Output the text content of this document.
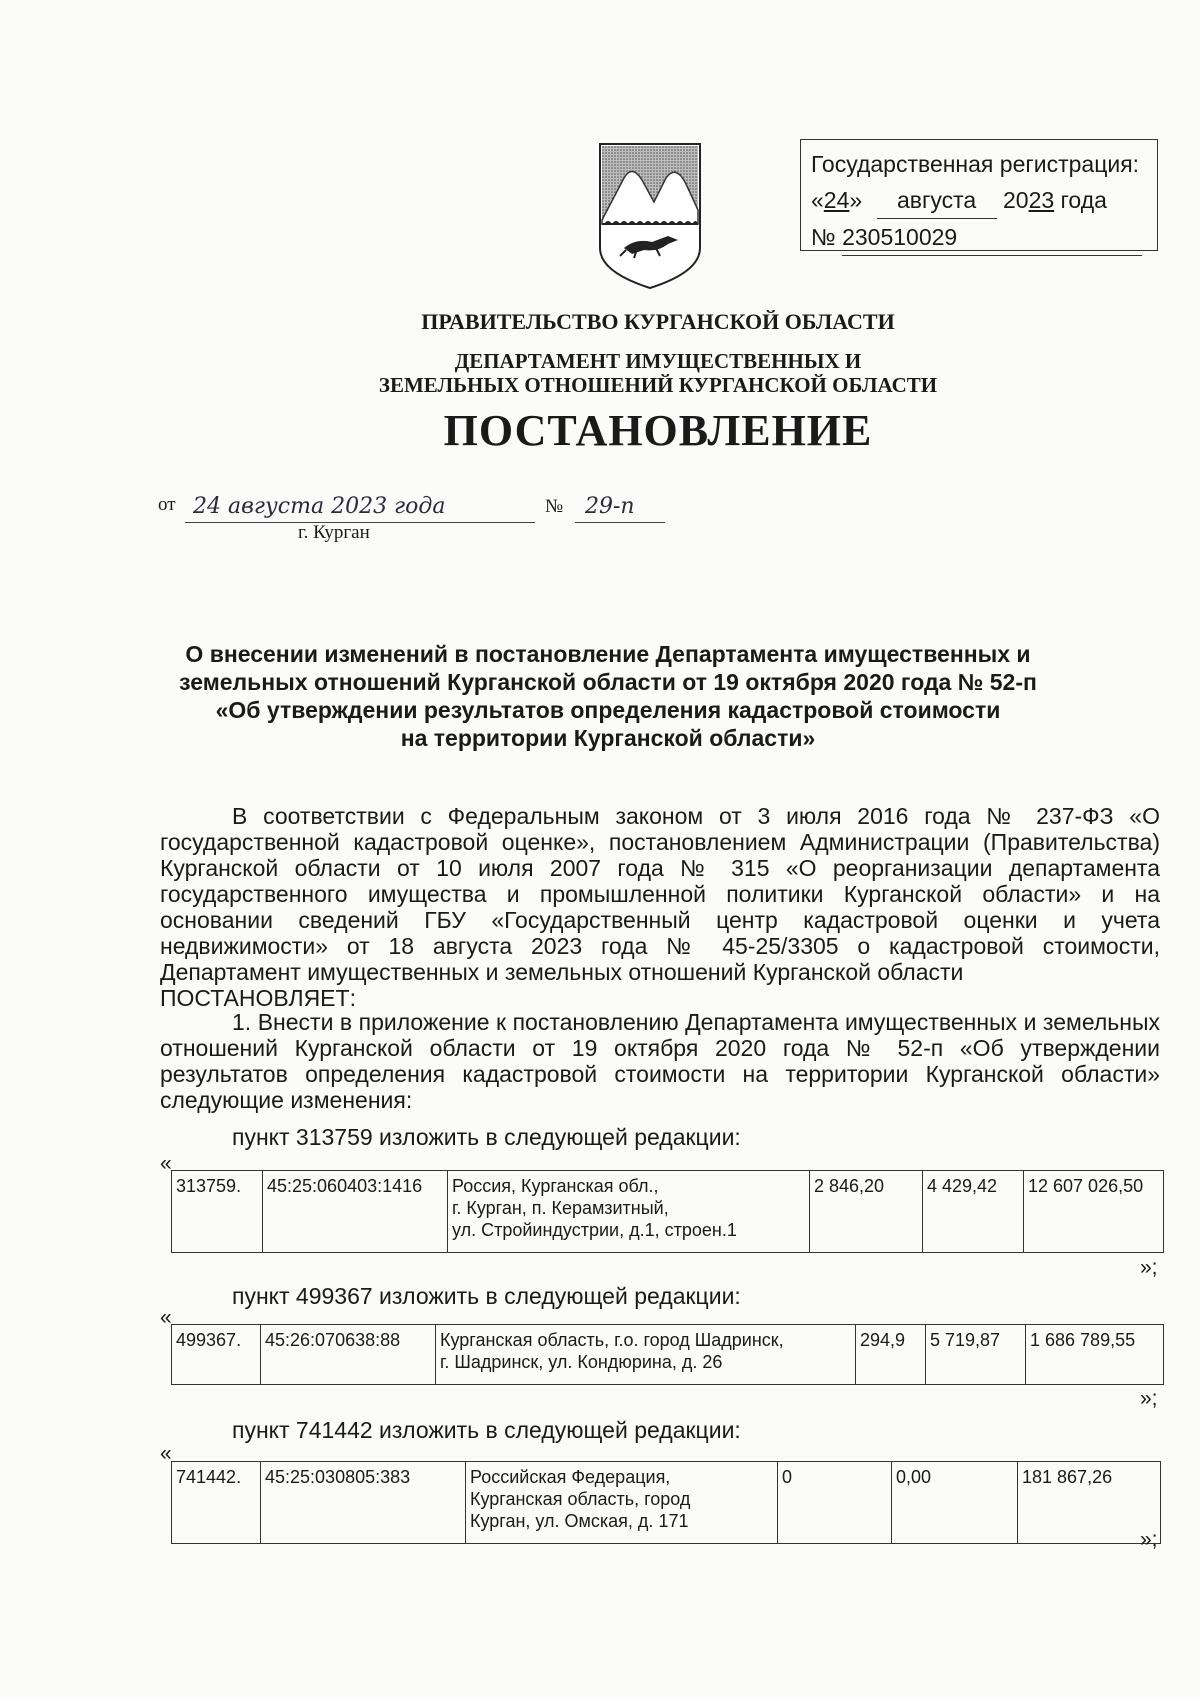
Государственная регистрация:
«24» августа 2023 года
№ 230510029
ПРАВИТЕЛЬСТВО КУРГАНСКОЙ ОБЛАСТИ
ДЕПАРТАМЕНТ ИМУЩЕСТВЕННЫХ И
ЗЕМЕЛЬНЫХ ОТНОШЕНИЙ КУРГАНСКОЙ ОБЛАСТИ
ПОСТАНОВЛЕНИЕ
от 24 августа 2023 года	№ 29-п
г. Курган
О внесении изменений в постановление Департамента имущественных и
земельных отношений Курганской области от 19 октября 2020 года № 52-п
«Об утверждении результатов определения кадастровой стоимости
на территории Курганской области»
В соответствии с Федеральным законом от 3 июля 2016 года № 237-ФЗ «О государственной кадастровой оценке», постановлением Администрации (Правительства) Курганской области от 10 июля 2007 года № 315 «О реорганизации департамента государственного имущества и промышленной политики Курганской области» и на основании сведений ГБУ «Государственный центр кадастровой оценки и учета недвижимости» от 18 августа 2023 года № 45-25/3305 о кадастровой стоимости, Департамент имущественных и земельных отношений Курганской области
ПОСТАНОВЛЯЕТ:
1. Внести в приложение к постановлению Департамента имущественных и земельных отношений Курганской области от 19 октября 2020 года № 52-п «Об утверждении результатов определения кадастровой стоимости на территории Курганской области» следующие изменения:
пункт 313759 изложить в следующей редакции:
«
313759.	45:25:060403:1416	Россия, Курганская обл.,
г. Курган, п. Керамзитный,
ул. Стройиндустрии, д.1, строен.1
	2 846,20	4 429,42	12 607 026,50
»;
пункт 499367 изложить в следующей редакции:
«
499367.	45:26:070638:88	Курганская область, г.о. город Шадринск,
г. Шадринск, ул. Кондюрина, д. 26
	294,9	5 719,87	1 686 789,55
»;
пункт 741442 изложить в следующей редакции:
«
741442.	45:25:030805:383	Российская Федерация,
Курганская область, город
Курган, ул. Омская, д. 171
	0	0,00	181 867,26
»;
